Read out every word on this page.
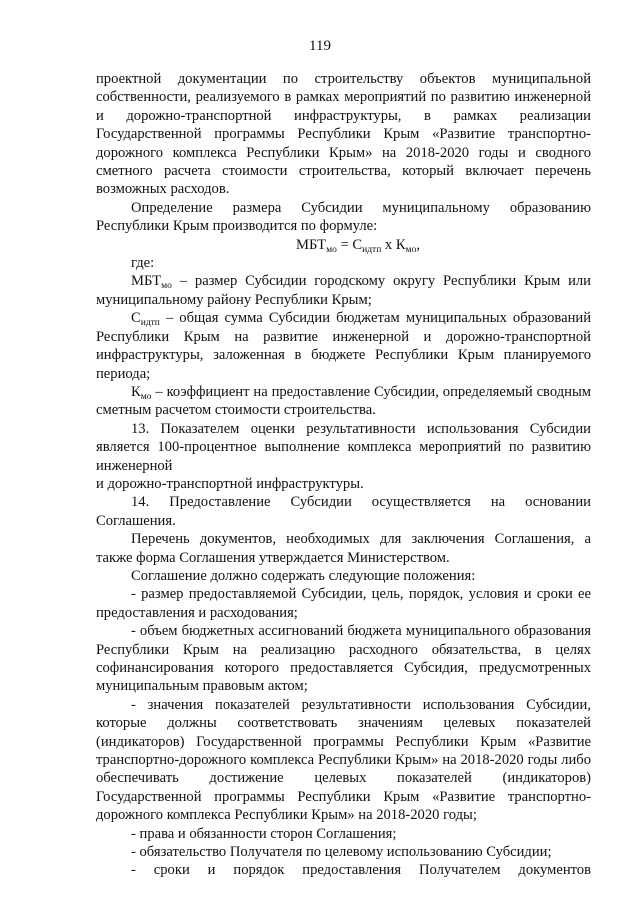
119

проектной документации по строительству объектов муниципальной собственности, реализуемого в рамках мероприятий по развитию инженерной и дорожно-транспортной инфраструктуры, в рамках реализации Государственной программы Республики Крым «Развитие транспортно-дорожного комплекса Республики Крым» на 2018-2020 годы и сводного сметного расчета стоимости строительства, который включает перечень возможных расходов.

Определение размера Субсидии муниципальному образованию Республики Крым производится по формуле:

$МБТ_{мо} = С_{идтп}$ х $К_{мо}$,

где:

$МБТ_{мо}$ – размер Субсидии городскому округу Республики Крым или муниципальному району Республики Крым;

$С_{идтп}$ – общая сумма Субсидии бюджетам муниципальных образований Республики Крым на развитие инженерной и дорожно-транспортной инфраструктуры, заложенная в бюджете Республики Крым планируемого периода;

$К_{мо}$ – коэффициент на предоставление Субсидии, определяемый сводным сметным расчетом стоимости строительства.

13. Показателем оценки результативности использования Субсидии является 100-процентное выполнение комплекса мероприятий по развитию инженерной

и дорожно-транспортной инфраструктуры.

14. Предоставление Субсидии осуществляется на основании Соглашения.

Перечень документов, необходимых для заключения Соглашения, а также форма Соглашения утверждается Министерством.

Соглашение должно содержать следующие положения:

- размер предоставляемой Субсидии, цель, порядок, условия и сроки ее предоставления и расходования;

- объем бюджетных ассигнований бюджета муниципального образования Республики Крым на реализацию расходного обязательства, в целях софинансирования которого предоставляется Субсидия, предусмотренных муниципальным правовым актом;

- значения показателей результативности использования Субсидии, которые должны соответствовать значениям целевых показателей (индикаторов) Государственной программы Республики Крым «Развитие транспортно-дорожного комплекса Республики Крым» на 2018-2020 годы либо обеспечивать достижение целевых показателей (индикаторов) Государственной программы Республики Крым «Развитие транспортно-дорожного комплекса Республики Крым» на 2018-2020 годы;

- права и обязанности сторон Соглашения;

- обязательство Получателя по целевому использованию Субсидии;

- сроки и порядок предоставления Получателем документов
